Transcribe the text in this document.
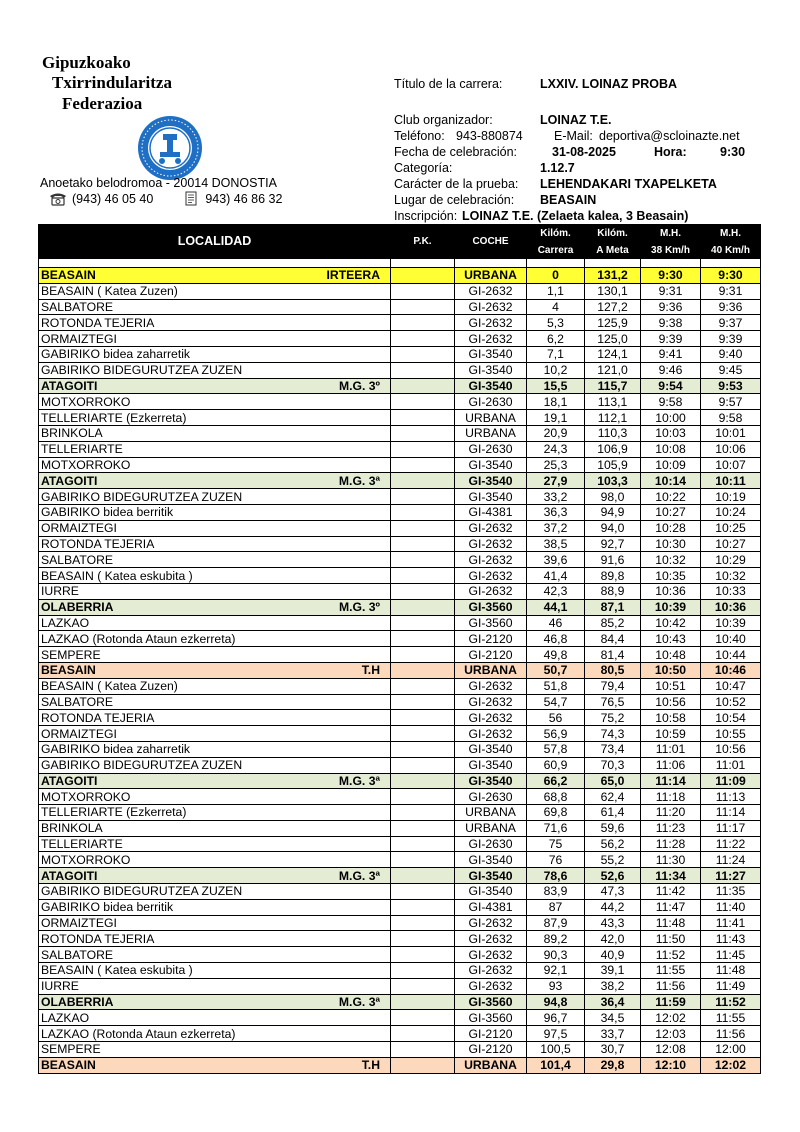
Gipuzkoako
Txirrindularitza
Federazioa
Anoetako belodromoa - 20014 DONOSTIA
(943) 46 05 40	943) 46 86 32
Título de la carrera:	LXXIV. LOINAZ PROBA
Club organizador:	LOINAZ T.E.
Teléfono: 943-880874	E-Mail: deportiva@scloinazte.net
Fecha de celebración:	31-08-2025	Hora:	9:30
Categoría:	1.12.7
Carácter de la prueba: LEHENDAKARI TXAPELKETA
Lugar de celebración: BEASAIN
Inscripción: LOINAZ T.E. (Zelaeta kalea, 3 Beasain)
LOCALIDAD	P.K.	COCHE	Kilóm.	Kilóm.	M.H.	M.H.
			Carrera	A Meta	38 Km/h	40 Km/h

BEASAIN IRTEERA		URBANA	0	131,2	9:30	9:30

BEASAIN ( Katea Zuzen)		GI-2632	1,1	130,1	9:31	9:31

SALBATORE		GI-2632	4	127,2	9:36	9:36

ROTONDA TEJERIA		GI-2632	5,3	125,9	9:38	9:37

ORMAIZTEGI		GI-2632	6,2	125,0	9:39	9:39

GABIRIKO bidea zaharretik		GI-3540	7,1	124,1	9:41	9:40

GABIRIKO BIDEGURUTZEA ZUZEN		GI-3540	10,2	121,0	9:46	9:45

ATAGOITI M.G. 3º		GI-3540	15,5	115,7	9:54	9:53

MOTXORROKO		GI-2630	18,1	113,1	9:58	9:57

TELLERIARTE (Ezkerreta)		URBANA	19,1	112,1	10:00	9:58

BRINKOLA		URBANA	20,9	110,3	10:03	10:01

TELLERIARTE		GI-2630	24,3	106,9	10:08	10:06

MOTXORROKO		GI-3540	25,3	105,9	10:09	10:07

ATAGOITI M.G. 3ª		GI-3540	27,9	103,3	10:14	10:11

GABIRIKO BIDEGURUTZEA ZUZEN		GI-3540	33,2	98,0	10:22	10:19

GABIRIKO bidea berritik		GI-4381	36,3	94,9	10:27	10:24

ORMAIZTEGI		GI-2632	37,2	94,0	10:28	10:25

ROTONDA TEJERIA		GI-2632	38,5	92,7	10:30	10:27

SALBATORE		GI-2632	39,6	91,6	10:32	10:29

BEASAIN ( Katea eskubita )		GI-2632	41,4	89,8	10:35	10:32

IURRE		GI-2632	42,3	88,9	10:36	10:33

OLABERRIA M.G. 3º		GI-3560	44,1	87,1	10:39	10:36

LAZKAO		GI-3560	46	85,2	10:42	10:39

LAZKAO (Rotonda Ataun ezkerreta)		GI-2120	46,8	84,4	10:43	10:40

SEMPERE		GI-2120	49,8	81,4	10:48	10:44

BEASAIN T.H		URBANA	50,7	80,5	10:50	10:46

BEASAIN ( Katea Zuzen)		GI-2632	51,8	79,4	10:51	10:47

SALBATORE		GI-2632	54,7	76,5	10:56	10:52

ROTONDA TEJERIA		GI-2632	56	75,2	10:58	10:54

ORMAIZTEGI		GI-2632	56,9	74,3	10:59	10:55

GABIRIKO bidea zaharretik		GI-3540	57,8	73,4	11:01	10:56

GABIRIKO BIDEGURUTZEA ZUZEN		GI-3540	60,9	70,3	11:06	11:01

ATAGOITI M.G. 3ª		GI-3540	66,2	65,0	11:14	11:09

MOTXORROKO		GI-2630	68,8	62,4	11:18	11:13

TELLERIARTE (Ezkerreta)		URBANA	69,8	61,4	11:20	11:14

BRINKOLA		URBANA	71,6	59,6	11:23	11:17

TELLERIARTE		GI-2630	75	56,2	11:28	11:22

MOTXORROKO		GI-3540	76	55,2	11:30	11:24

ATAGOITI M.G. 3ª		GI-3540	78,6	52,6	11:34	11:27

GABIRIKO BIDEGURUTZEA ZUZEN		GI-3540	83,9	47,3	11:42	11:35

GABIRIKO bidea berritik		GI-4381	87	44,2	11:47	11:40

ORMAIZTEGI		GI-2632	87,9	43,3	11:48	11:41

ROTONDA TEJERIA		GI-2632	89,2	42,0	11:50	11:43

SALBATORE		GI-2632	90,3	40,9	11:52	11:45

BEASAIN ( Katea eskubita )		GI-2632	92,1	39,1	11:55	11:48

IURRE		GI-2632	93	38,2	11:56	11:49

OLABERRIA M.G. 3ª		GI-3560	94,8	36,4	11:59	11:52

LAZKAO		GI-3560	96,7	34,5	12:02	11:55

LAZKAO (Rotonda Ataun ezkerreta)		GI-2120	97,5	33,7	12:03	11:56

SEMPERE		GI-2120	100,5	30,7	12:08	12:00

BEASAIN T.H		URBANA	101,4	29,8	12:10	12:02
